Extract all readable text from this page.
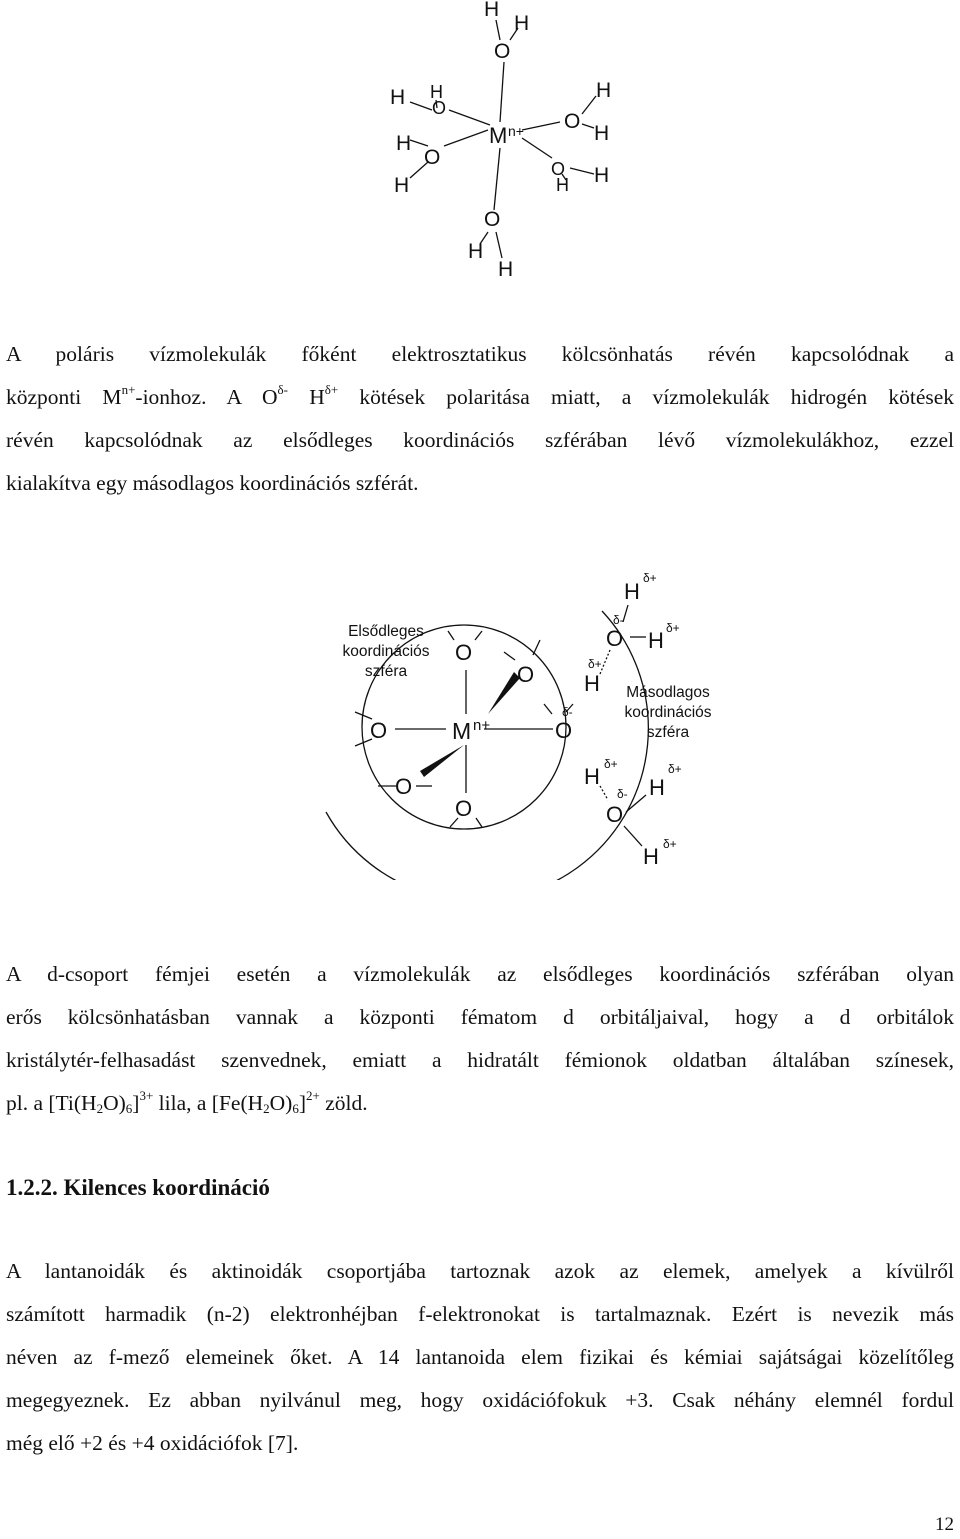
H
H
O
H
O
H
H
H
O
H
O
H
H
H
H
O
O
H
M n+
A poláris vízmolekulák főként elektrosztatikus kölcsönhatás révén kapcsolódnak a
központi $M^{n+}$-ionhoz. A $O^{\delta-}$ $H^{\delta+}$ kötések polaritása miatt, a vízmolekulák hidrogén kötések
révén kapcsolódnak az elsődleges koordinációs szférában lévő vízmolekulákhoz, ezzel
kialakítva egy másodlagos koordinációs szférát.
Elsődleges
koordinációs
szféra
Másodlagos
koordinációs
szféra
M n+
O
O
O
O
O
O
O
O
H
H
H
H H
H
δ+
δ-
δ+
δ+
δ-
δ+	δ+
δ-
δ+
A d-csoport fémjei esetén a vízmolekulák az elsődleges koordinációs szférában olyan
erős kölcsönhatásban vannak a központi fématom d orbitáljaival, hogy a d orbitálok
kristálytér-felhasadást szenvednek, emiatt a hidratált fémionok oldatban általában színesek,
pl. a $[Ti(H_2O)_6]^{3+}$ lila, a $[Fe(H_2O)_6]^{2+}$ zöld.
1.2.2. Kilences koordináció
A lantanoidák és aktinoidák csoportjába tartoznak azok az elemek, amelyek a kívülről
számított harmadik (n-2) elektronhéjban f-elektronokat is tartalmaznak. Ezért is nevezik más
néven az f-mező elemeinek őket. A 14 lantanoida elem fizikai és kémiai sajátságai közelítőleg
megegyeznek. Ez abban nyilvánul meg, hogy oxidációfokuk +3. Csak néhány elemnél fordul
még elő +2 és +4 oxidációfok [7].
12
